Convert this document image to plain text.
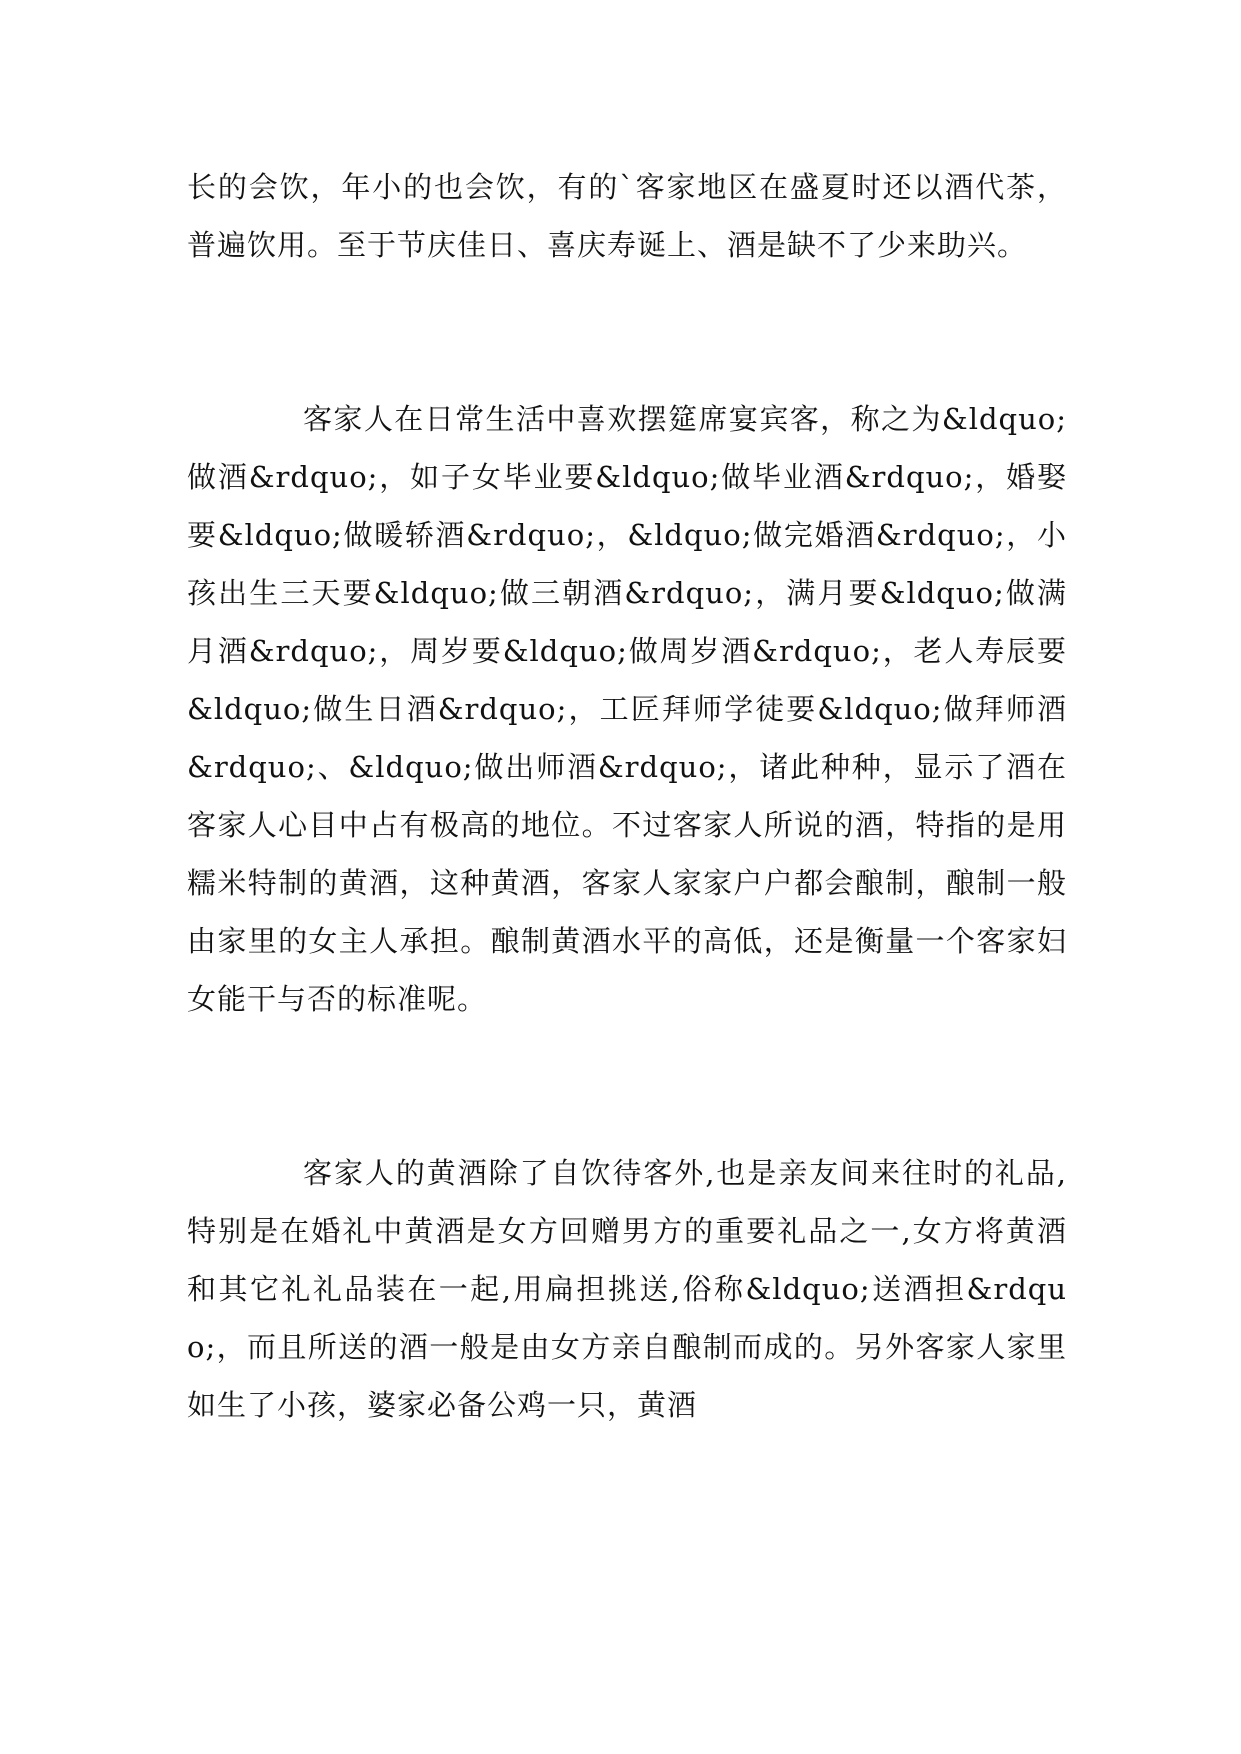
长的会饮，年小的也会饮，有的`客家地区在盛夏时还以酒代茶，普遍饮用。至于节庆佳日、喜庆寿诞上、酒是缺不了少来助兴。

客家人在日常生活中喜欢摆筵席宴宾客，称之为&ldquo;做酒&rdquo;，如子女毕业要&ldquo;做毕业酒&rdquo;，婚娶要&ldquo;做暖轿酒&rdquo;，&ldquo;做完婚酒&rdquo;，小孩出生三天要&ldquo;做三朝酒&rdquo;，满月要&ldquo;做满月酒&rdquo;，周岁要&ldquo;做周岁酒&rdquo;，老人寿辰要&ldquo;做生日酒&rdquo;，工匠拜师学徒要&ldquo;做拜师酒&rdquo;、&ldquo;做出师酒&rdquo;，诸此种种，显示了酒在客家人心目中占有极高的地位。不过客家人所说的酒，特指的是用糯米特制的黄酒，这种黄酒，客家人家家户户都会酿制，酿制一般由家里的女主人承担。酿制黄酒水平的高低，还是衡量一个客家妇女能干与否的标准呢。

客家人的黄酒除了自饮待客外,也是亲友间来往时的礼品,特别是在婚礼中黄酒是女方回赠男方的重要礼品之一,女方将黄酒和其它礼礼品装在一起,用扁担挑送,俗称&ldquo;送酒担&rdquo;，而且所送的酒一般是由女方亲自酿制而成的。另外客家人家里如生了小孩，婆家必备公鸡一只，黄酒
